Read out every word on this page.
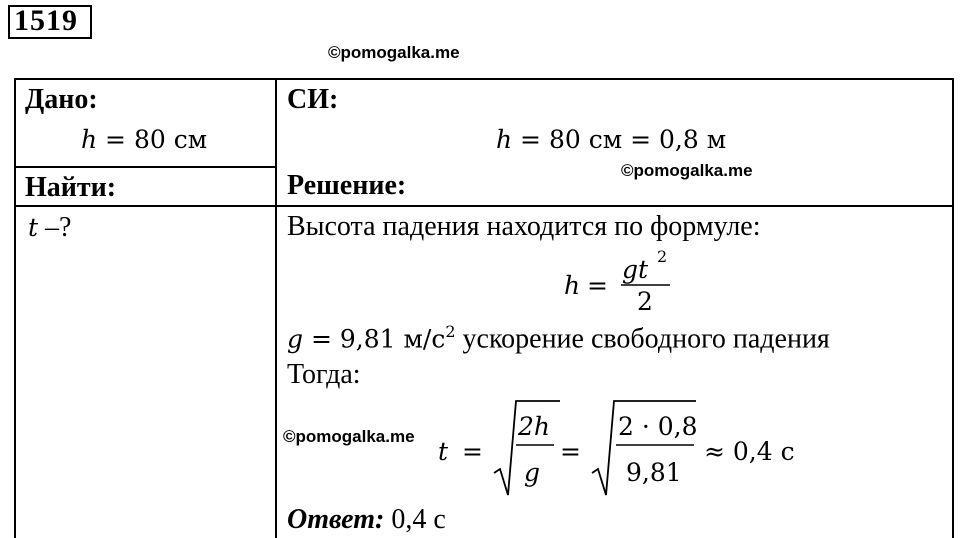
1519
©pomogalka.me
©pomogalka.me
©pomogalka.me
Дано:
h = 80 см
Найти:
t –?
СИ:
h = 80 см = 0,8 м
Решение:
Высота падения находится по формуле:
h =
gt 2
2
g = 9,81 $м/с^2$ ускорение свободного падения
Тогда:
t =
2h
g
=
2 · 0,8
9,81
≈ 0,4 с
Ответ: 0,4 с
